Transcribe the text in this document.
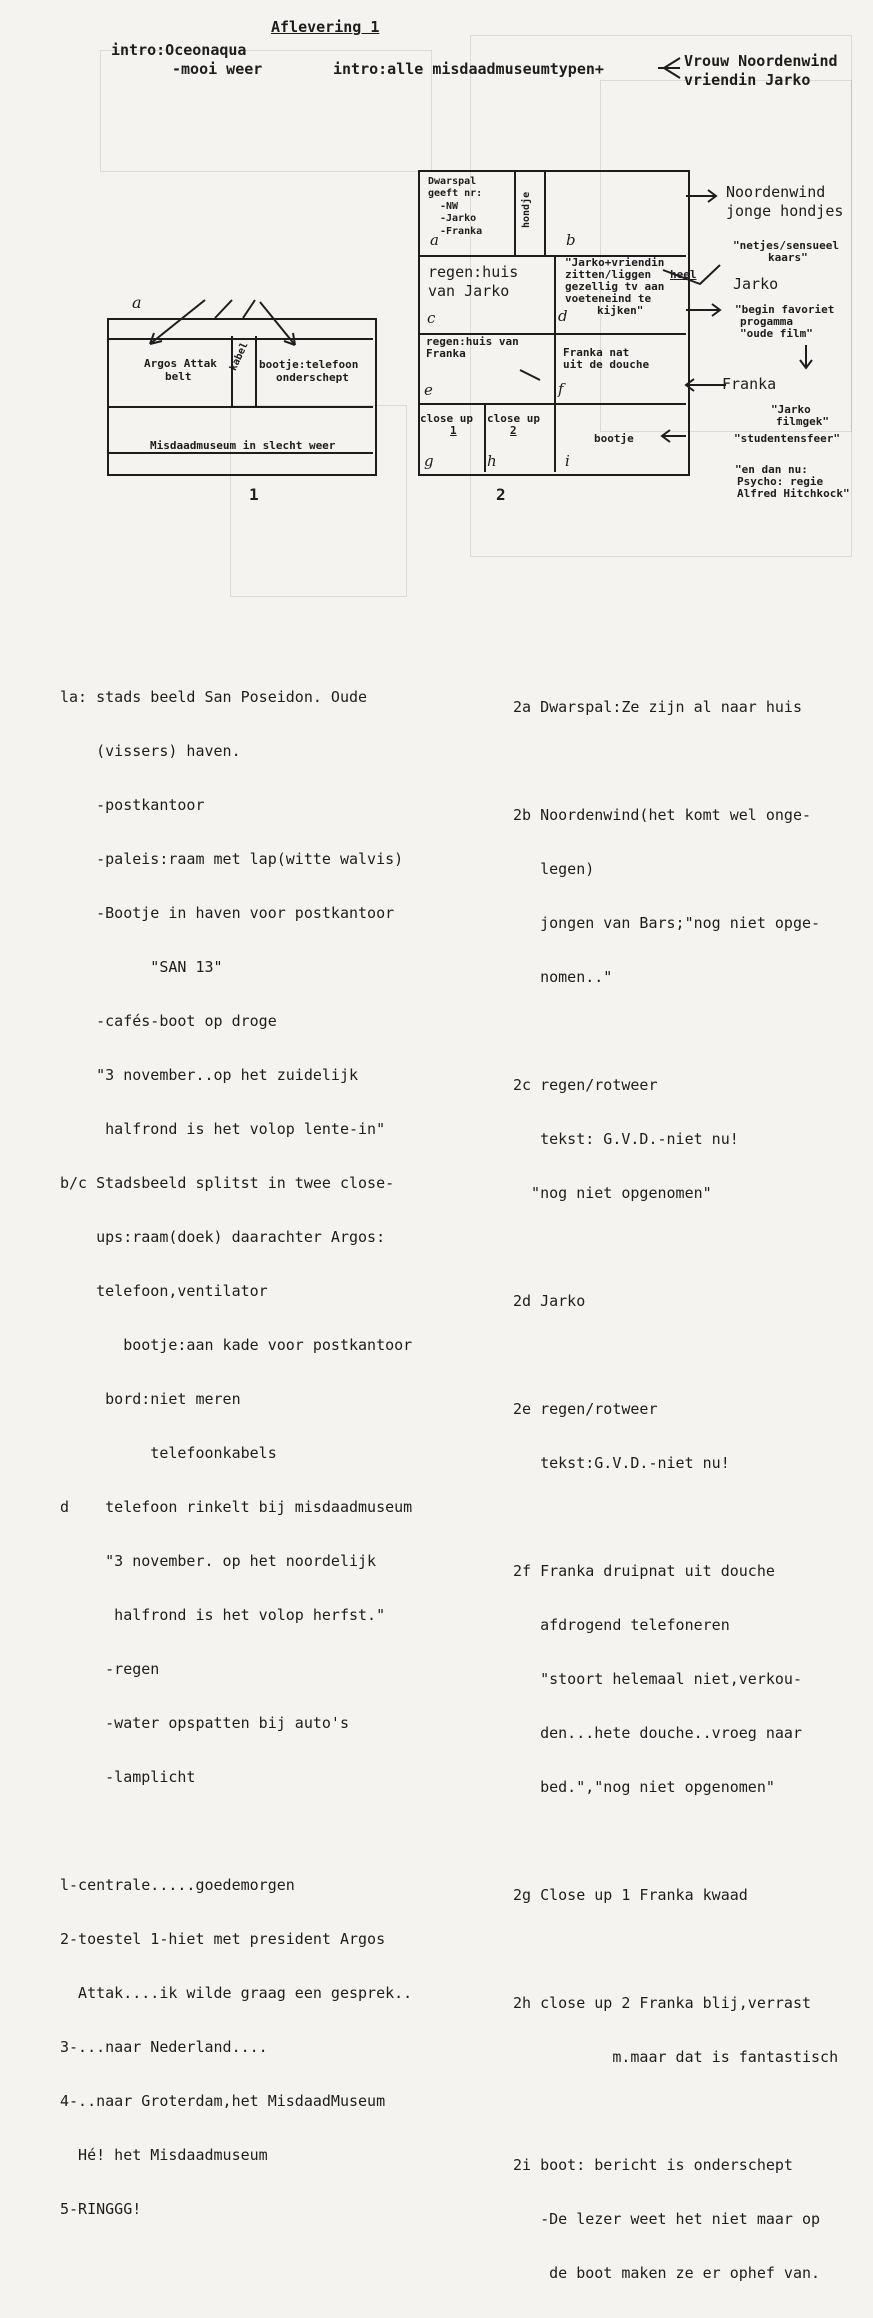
Aflevering 1
intro:Oceonaqua
-mooi weer	intro:alle misdaadmuseumtypen+	Vrouw Noordenwind
vriendin Jarko
a
Argos Attak
belt
kabel bootje:telefoon
onderschept
Misdaadmuseum in slecht weer
1
Dwarspal
geeft nr:
-NW
-Jarko
-Franka
hondje
a	b
regen:huis
van Jarko
c
"Jarko+vriendin
zitten/liggen heel
gezellig tv aan
voeteneind te
kijken"
d
regen:huis van
Franka
e
Franka nat
uit de douche
f
close up
1
close up
2
bootje
g	h	i
2
Noordenwind
jonge hondjes
"netjes/sensueel
kaars"
Jarko
"begin favoriet
progamma
"oude film"
Franka
"Jarko
filmgek"
"studentensfeer"
"en dan nu:
Psycho: regie
Alfred Hitchkock"

la: stads beeld San Poseidon. Oude

(vissers) haven.

-postkantoor

-paleis:raam met lap(witte walvis)

-Bootje in haven voor postkantoor

"SAN 13"

-cafés-boot op droge

"3 november..op het zuidelijk

halfrond is het volop lente-in"

b/c Stadsbeeld splitst in twee close-

ups:raam(doek) daarachter Argos:

telefoon,ventilator

bootje:aan kade voor postkantoor

bord:niet meren

telefoonkabels

d    telefoon rinkelt bij misdaadmuseum

"3 november. op het noordelijk

halfrond is het volop herfst."

-regen

-water opspatten bij auto's

-lamplicht

l-centrale.....goedemorgen

2-toestel 1-hiet met president Argos

Attak....ik wilde graag een gesprek..

3-...naar Nederland....

4-..naar Groterdam,het MisdaadMuseum

Hé! het Misdaadmuseum

5-RINGGG!

2a Dwarspal:Ze zijn al naar huis

2b Noordenwind(het komt wel onge-

legen)

jongen van Bars;"nog niet opge-

nomen.."

2c regen/rotweer

tekst: G.V.D.-niet nu!

"nog niet opgenomen"

2d Jarko

2e regen/rotweer

tekst:G.V.D.-niet nu!

2f Franka druipnat uit douche

afdrogend telefoneren

"stoort helemaal niet,verkou-

den...hete douche..vroeg naar

bed.","nog niet opgenomen"

2g Close up 1 Franka kwaad

2h close up 2 Franka blij,verrast

m.maar dat is fantastisch

2i boot: bericht is onderschept

-De lezer weet het niet maar op

de boot maken ze er ophef van.
